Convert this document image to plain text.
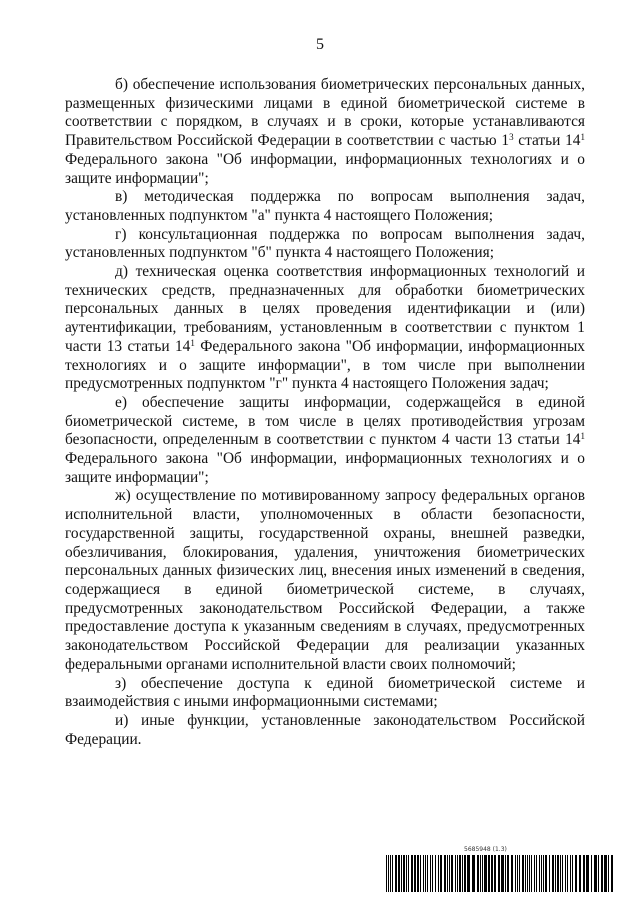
5

б) обеспечение использования биометрических персональных данных, размещенных физическими лицами в единой биометрической системе в соответствии с порядком, в случаях и в сроки, которые устанавливаются Правительством Российской Федерации в соответствии с частью $1^3$ статьи $14^1$ Федерального закона "Об информации, информационных технологиях и о защите информации";

в) методическая поддержка по вопросам выполнения задач, установленных подпунктом "а" пункта 4 настоящего Положения;

г) консультационная поддержка по вопросам выполнения задач, установленных подпунктом "б" пункта 4 настоящего Положения;

д) техническая оценка соответствия информационных технологий и технических средств, предназначенных для обработки биометрических персональных данных в целях проведения идентификации и (или) аутентификации, требованиям, установленным в соответствии с пунктом 1 части 13 статьи $14^1$ Федерального закона "Об информации, информационных технологиях и о защите информации", в том числе при выполнении предусмотренных подпунктом "г" пункта 4 настоящего Положения задач;

е) обеспечение защиты информации, содержащейся в единой биометрической системе, в том числе в целях противодействия угрозам безопасности, определенным в соответствии с пунктом 4 части 13 статьи $14^1$ Федерального закона "Об информации, информационных технологиях и о защите информации";

ж) осуществление по мотивированному запросу федеральных органов исполнительной власти, уполномоченных в области безопасности, государственной защиты, государственной охраны, внешней разведки, обезличивания, блокирования, удаления, уничтожения биометрических персональных данных физических лиц, внесения иных изменений в сведения, содержащиеся в единой биометрической системе, в случаях, предусмотренных законодательством Российской Федерации, а также предоставление доступа к указанным сведениям в случаях, предусмотренных законодательством Российской Федерации для реализации указанных федеральными органами исполнительной власти своих полномочий;

з) обеспечение доступа к единой биометрической системе и взаимодействия с иными информационными системами;

и) иные функции, установленные законодательством Российской Федерации.

5685948 (1.3)
